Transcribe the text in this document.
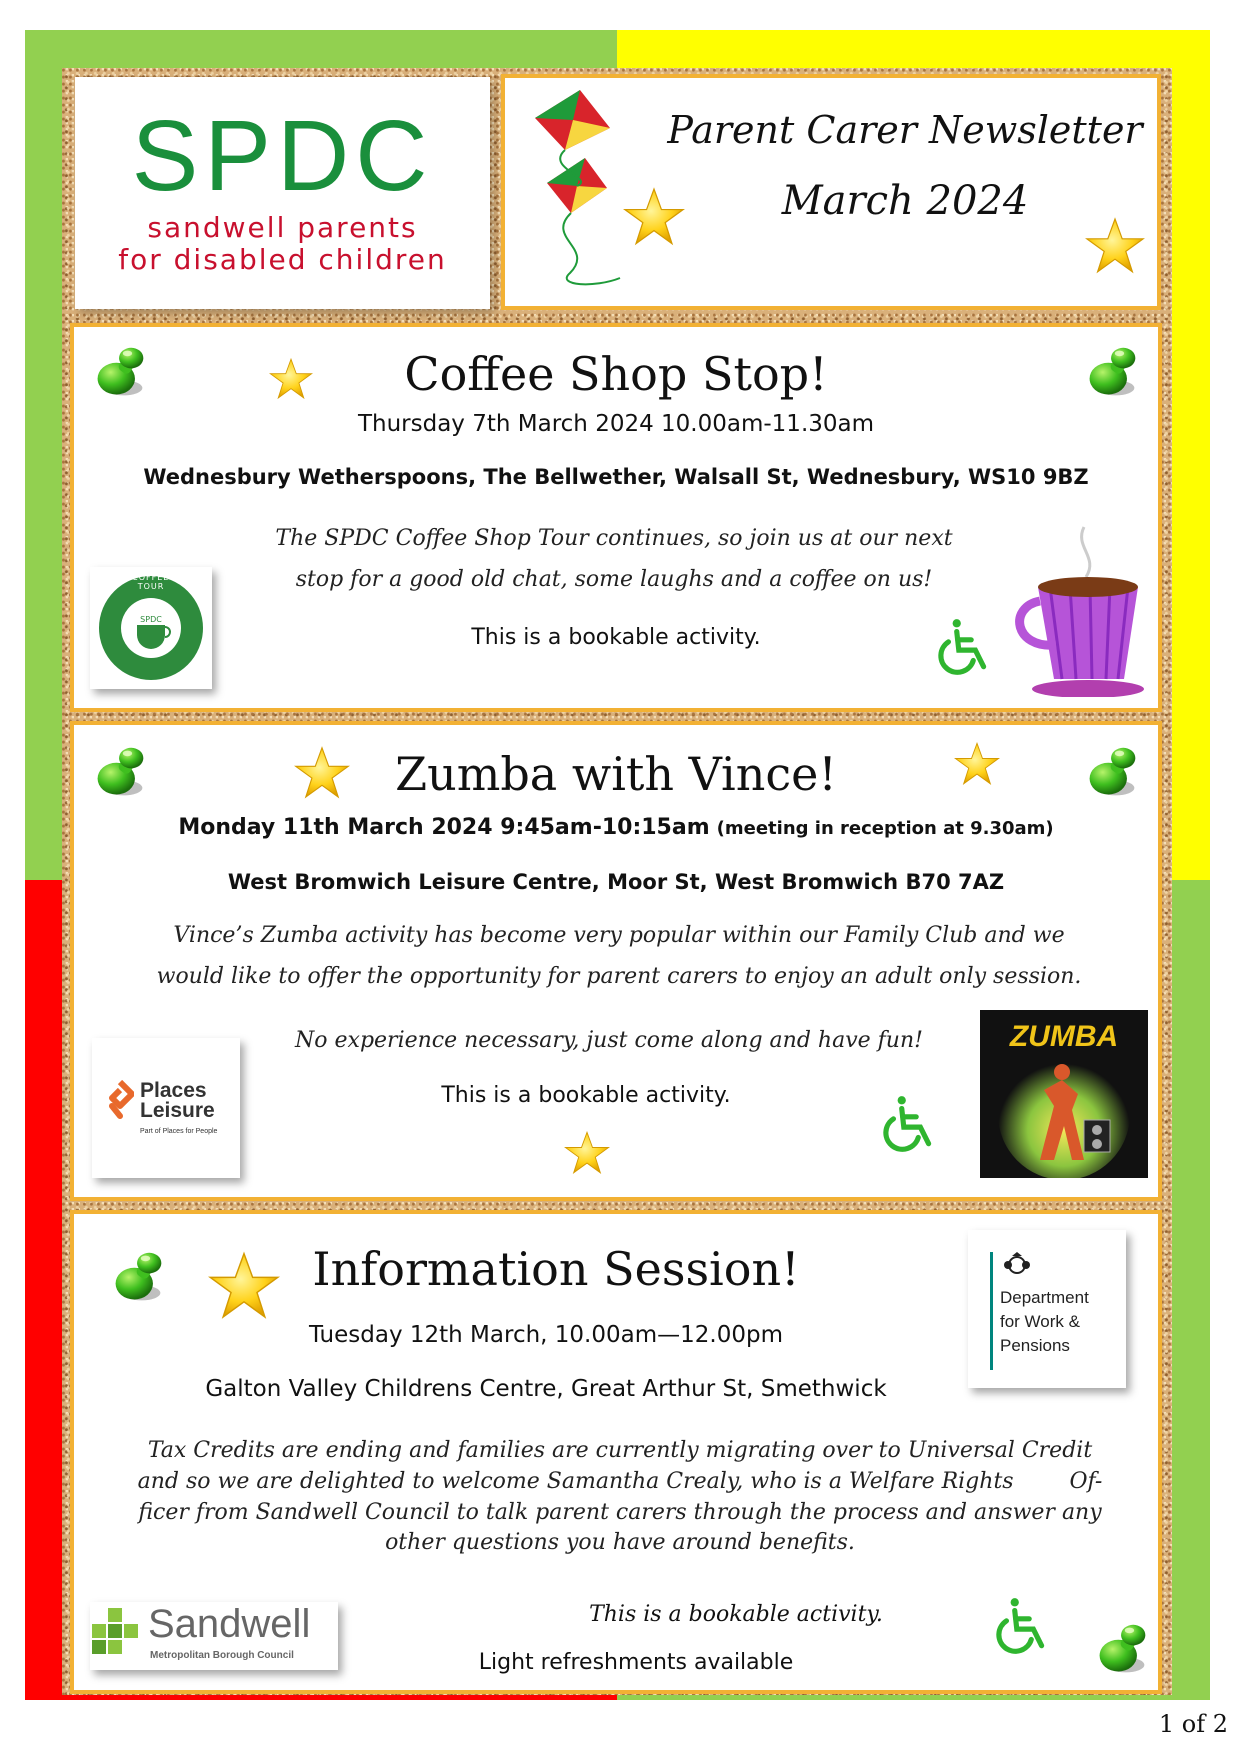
SPDC
sandwell parents
for disabled children
Parent Carer Newsletter
March 2024
Coffee Shop Stop!
Thursday 7th March 2024 10.00am-11.30am
Wednesbury Wetherspoons, The Bellwether, Walsall St, Wednesbury, WS10 9BZ
The SPDC Coffee Shop Tour continues, so join us at our next
stop for a good old chat, some laughs and a coffee on us!
This is a bookable activity.
SPDC COFFEE SHOP TOUR
SPDC
Zumba with Vince!
Monday 11th March 2024 9:45am-10:15am (meeting in reception at 9.30am)
West Bromwich Leisure Centre, Moor St, West Bromwich B70 7AZ
Vince’s Zumba activity has become very popular within our Family Club and we
would like to offer the opportunity for parent carers to enjoy an adult only session.
No experience necessary, just come along and have fun!
This is a bookable activity.
Places
Leisure
Part of Places for People
ZUMBA
Information Session!
Tuesday 12th March, 10.00am—12.00pm
Galton Valley Childrens Centre, Great Arthur St, Smethwick
Tax Credits are ending and families are currently migrating over to Universal Credit
and so we are delighted to welcome Samantha Crealy, who is a Welfare Rights        Of-
ficer from Sandwell Council to talk parent carers through the process and answer any
other questions you have around benefits.
This is a bookable activity.
Light refreshments available
Department
for Work &
Pensions
Sandwell
Metropolitan Borough Council
1 of 2
